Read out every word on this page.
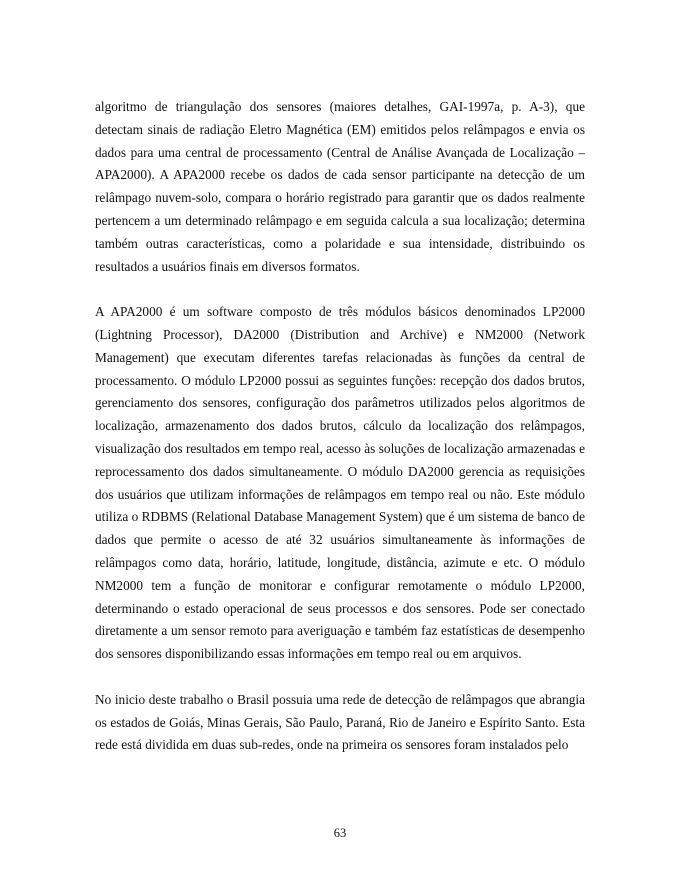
algoritmo de triangulação dos sensores (maiores detalhes, GAI-1997a, p. A-3), que detectam sinais de radiação Eletro Magnética (EM) emitidos pelos relâmpagos e envia os dados para uma central de processamento (Central de Análise Avançada de Localização – APA2000). A APA2000 recebe os dados de cada sensor participante na detecção de um relâmpago nuvem-solo, compara o horário registrado para garantir que os dados realmente pertencem a um determinado relâmpago e em seguida calcula a sua localização; determina também outras características, como a polaridade e sua intensidade, distribuindo os resultados a usuários finais em diversos formatos.

A APA2000 é um software composto de três módulos básicos denominados LP2000 (Lightning Processor), DA2000 (Distribution and Archive) e NM2000 (Network Management) que executam diferentes tarefas relacionadas às funções da central de processamento. O módulo LP2000 possui as seguintes funções: recepção dos dados brutos, gerenciamento dos sensores, configuração dos parâmetros utilizados pelos algoritmos de localização, armazenamento dos dados brutos, cálculo da localização dos relâmpagos, visualização dos resultados em tempo real, acesso às soluções de localização armazenadas e reprocessamento dos dados simultaneamente. O módulo DA2000 gerencia as requisições dos usuários que utilizam informações de relâmpagos em tempo real ou não. Este módulo utiliza o RDBMS (Relational Database Management System) que é um sistema de banco de dados que permite o acesso de até 32 usuários simultaneamente às informações de relâmpagos como data, horário, latitude, longitude, distância, azimute e etc. O módulo NM2000 tem a função de monitorar e configurar remotamente o módulo LP2000, determinando o estado operacional de seus processos e dos sensores. Pode ser conectado diretamente a um sensor remoto para averiguação e também faz estatísticas de desempenho dos sensores disponibilizando essas informações em tempo real ou em arquivos.

No inicio deste trabalho o Brasil possuia uma rede de detecção de relâmpagos que abrangia os estados de Goiás, Minas Gerais, São Paulo, Paraná, Rio de Janeiro e Espírito Santo. Esta rede está dividida em duas sub-redes, onde na primeira os sensores foram instalados pelo

63
